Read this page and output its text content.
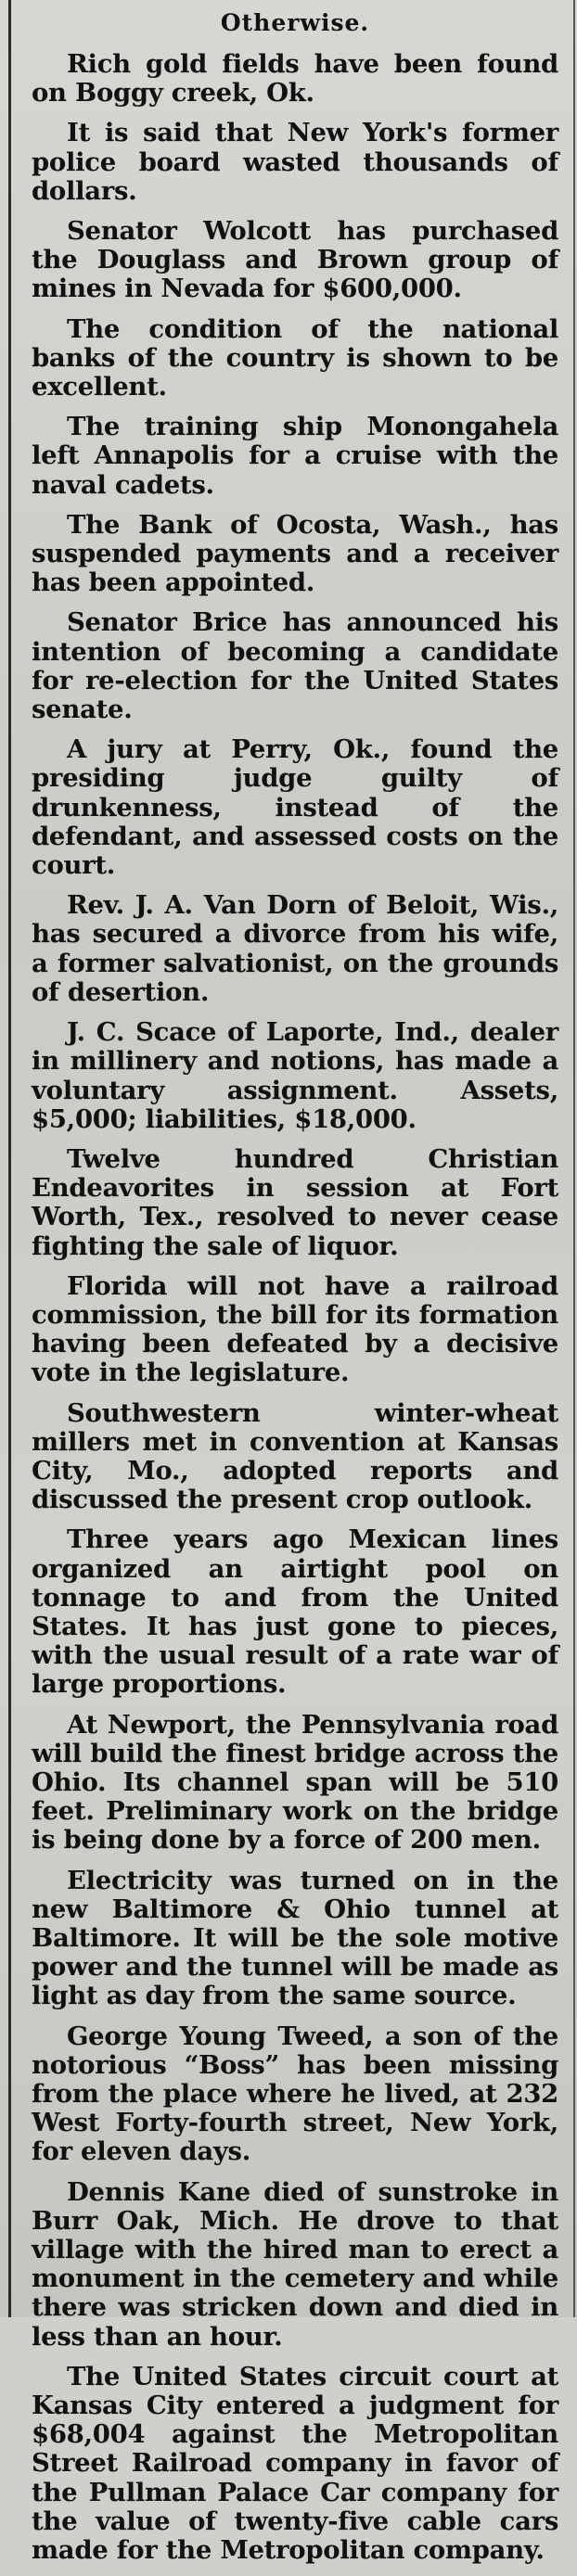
Otherwise.

Rich gold fields have been found on Boggy creek, Ok.

It is said that New York's former police board wasted thousands of dollars.

Senator Wolcott has purchased the Douglass and Brown group of mines in Nevada for $600,000.

The condition of the national banks of the country is shown to be excellent.

The training ship Monongahela left Annapolis for a cruise with the naval cadets.

The Bank of Ocosta, Wash., has suspended payments and a receiver has been appointed.

Senator Brice has announced his intention of becoming a candidate for re-election for the United States senate.

A jury at Perry, Ok., found the presiding judge guilty of drunkenness, instead of the defendant, and assessed costs on the court.

Rev. J. A. Van Dorn of Beloit, Wis., has secured a divorce from his wife, a former salvationist, on the grounds of desertion.

J. C. Scace of Laporte, Ind., dealer in millinery and notions, has made a voluntary assignment. Assets, $5,000; liabilities, $18,000.

Twelve hundred Christian Endeavorites in session at Fort Worth, Tex., resolved to never cease fighting the sale of liquor.

Florida will not have a railroad commission, the bill for its formation having been defeated by a decisive vote in the legislature.

Southwestern winter-wheat millers met in convention at Kansas City, Mo., adopted reports and discussed the present crop outlook.

Three years ago Mexican lines organized an airtight pool on tonnage to and from the United States. It has just gone to pieces, with the usual result of a rate war of large proportions.

At Newport, the Pennsylvania road will build the finest bridge across the Ohio. Its channel span will be 510 feet. Preliminary work on the bridge is being done by a force of 200 men.

Electricity was turned on in the new Baltimore & Ohio tunnel at Baltimore. It will be the sole motive power and the tunnel will be made as light as day from the same source.

George Young Tweed, a son of the notorious “Boss” has been missing from the place where he lived, at 232 West Forty-fourth street, New York, for eleven days.

Dennis Kane died of sunstroke in Burr Oak, Mich. He drove to that village with the hired man to erect a monument in the cemetery and while there was stricken down and died in less than an hour.

The United States circuit court at Kansas City entered a judgment for $68,004 against the Metropolitan Street Railroad company in favor of the Pullman Palace Car company for the value of twenty-five cable cars made for the Metropolitan company.
